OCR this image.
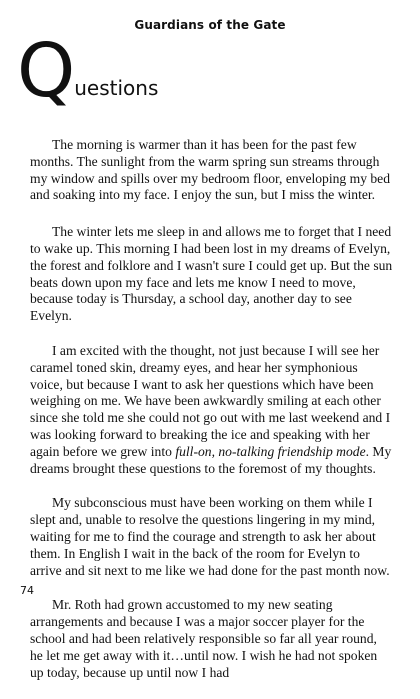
Guardians of the Gate
Questions

The morning is warmer than it has been for the past few months. The sunlight from the warm spring sun streams through my window and spills over my bedroom floor, enveloping my bed and soaking into my face. I enjoy the sun, but I miss the winter.

The winter lets me sleep in and allows me to forget that I need to wake up. This morning I had been lost in my dreams of Evelyn, the forest and folklore and I wasn't sure I could get up. But the sun beats down upon my face and lets me know I need to move, because today is Thursday, a school day, another day to see Evelyn.

I am excited with the thought, not just because I will see her caramel toned skin, dreamy eyes, and hear her symphonious voice, but because I want to ask her questions which have been weighing on me. We have been awkwardly smiling at each other since she told me she could not go out with me last weekend and I was looking forward to breaking the ice and speaking with her again before we grew into full-on, no-talking friendship mode. My dreams brought these questions to the foremost of my thoughts.

My subconscious must have been working on them while I slept and, unable to resolve the questions lingering in my mind, waiting for me to find the courage and strength to ask her about them. In English I wait in the back of the room for Evelyn to arrive and sit next to me like we had done for the past month now.

Mr. Roth had grown accustomed to my new seating arrangements and because I was a major soccer player for the school and had been relatively responsible so far all year round, he let me get away with it…until now. I wish he had not spoken up today, because up until now I had

74
